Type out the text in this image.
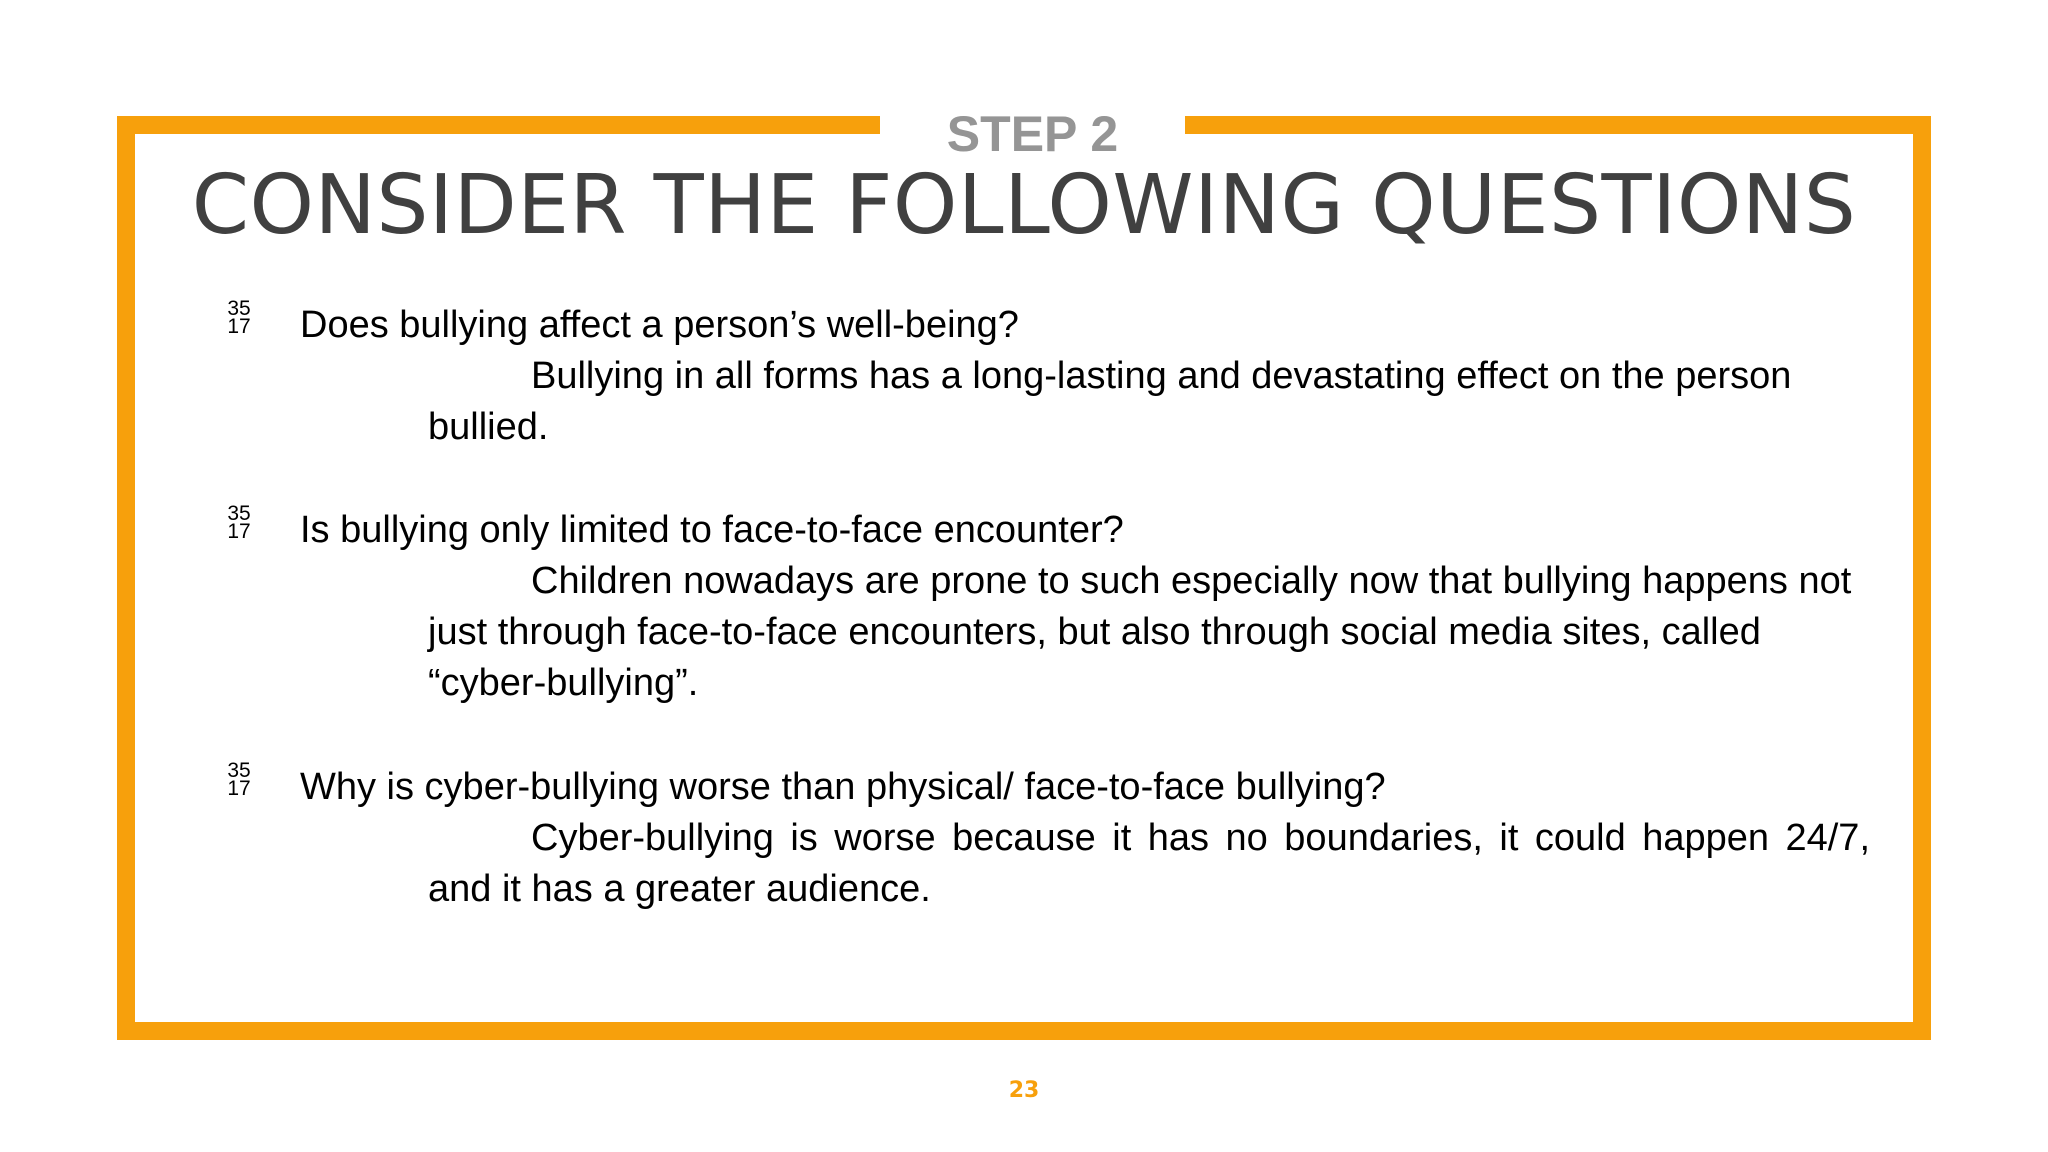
STEP 2
CONSIDER THE FOLLOWING QUESTIONS
35
17 Does bullying affect a person’s well-being?
Bullying in all forms has a long-lasting and devastating effect on the person bullied.
35
17 Is bullying only limited to face-to-face encounter?
Children nowadays are prone to such especially now that bullying happens not just through face-to-face encounters, but also through social media sites, called “cyber-bullying”.
35
17 Why is cyber-bullying worse than physical/ face-to-face bullying?
Cyber-bullying is worse because it has no boundaries, it could happen 24/7, and it has a greater audience.
23
